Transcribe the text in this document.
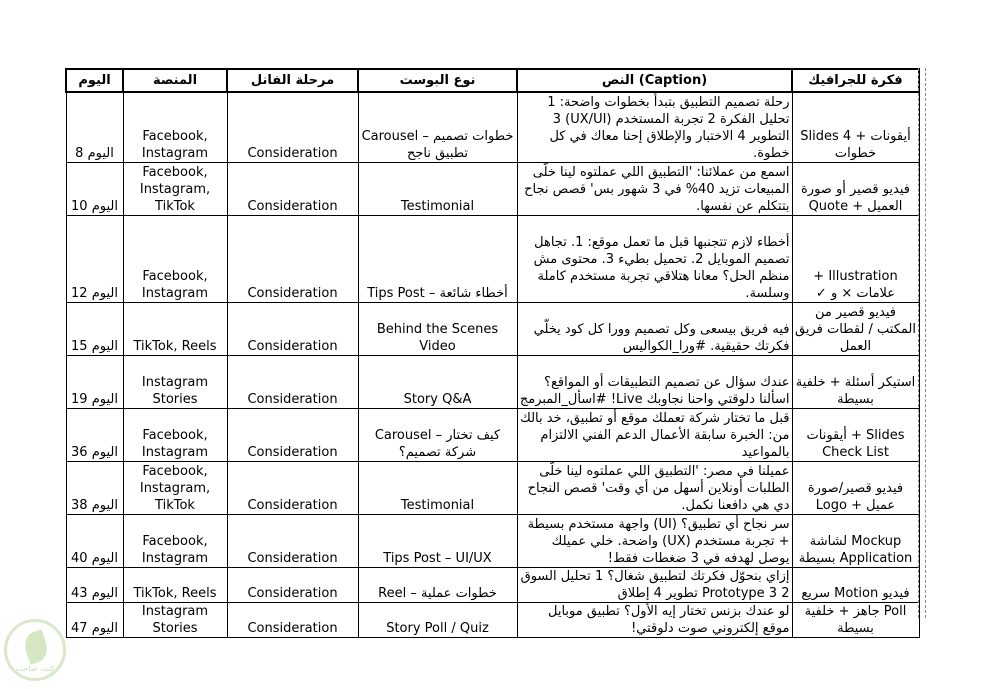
اليوم	المنصة	مرحلة الفانل	نوع البوست	النص (Caption)	فكرة للجرافيك
اليوم 8	Facebook, Instagram	Consideration	Carousel – خطوات تصميم تطبيق ناجح	رحلة تصميم التطبيق بتبدأ بخطوات واضحة: 1 تحليل الفكرة 2 تجربة المستخدم (UX/UI) 3 التطوير 4 الاختبار والإطلاق إحنا معاك في كل خطوة.	أيقونات + 4 Slides خطوات
اليوم 10	Facebook, Instagram, TikTok	Consideration	Testimonial	اسمع من عملائنا: 'التطبيق اللي عملتوه لينا خلّى المبيعات تزيد 40% في 3 شهور بس' قصص نجاح بتتكلم عن نفسها.	فيديو قصير أو صورة العميل + Quote
اليوم 12	Facebook, Instagram	Consideration	Tips Post – أخطاء شائعة	أخطاء لازم تتجنبها قبل ما تعمل موقع: 1. تجاهل تصميم الموبايل 2. تحميل بطيء 3. محتوى مش منظم الحل؟ معانا هتلاقي تجربة مستخدم كاملة وسلسة.	Illustration + علامات × و ✓
اليوم 15	TikTok, Reels	Consideration	Behind the Scenes Video	فيه فريق بيسعى وكل تصميم وورا كل كود يخلّي فكرتك حقيقية. #ورا_الكواليس	فيديو قصير من المكتب / لقطات فريق العمل
اليوم 19	Instagram Stories	Consideration	Story Q&A	عندك سؤال عن تصميم التطبيقات أو المواقع؟ اسألنا دلوقتي واحنا نجاوبك Live! #اسأل_المبرمج	استيكر أسئلة + خلفية بسيطة
اليوم 36	Facebook, Instagram	Consideration	Carousel – كيف تختار شركة تصميم؟	قبل ما تختار شركة تعملك موقع أو تطبيق، خد بالك من: الخبرة سابقة الأعمال الدعم الفني الالتزام بالمواعيد	Slides + أيقونات Check List
اليوم 38	Facebook, Instagram, TikTok	Consideration	Testimonial	عميلنا في مصر: 'التطبيق اللي عملتوه لينا خلّى الطلبات أونلاين أسهل من أي وقت' قصص النجاح دي هي دافعنا نكمل.	فيديو قصير/صورة عميل + Logo
اليوم 40	Facebook, Instagram	Consideration	Tips Post – UI/UX	سر نجاح أي تطبيق؟ (UI) واجهة مستخدم بسيطة + تجربة مستخدم (UX) واضحة. خلي عميلك يوصل لهدفه في 3 ضغطات فقط!	Mockup لشاشة Application بسيطة
اليوم 43	TikTok, Reels	Consideration	Reel – خطوات عملية	إزاي بنحوّل فكرتك لتطبيق شغال؟ 1 تحليل السوق 2 Prototype 3 تطوير 4 إطلاق	فيديو Motion سريع
اليوم 47	Instagram Stories	Consideration	Story Poll / Quiz	لو عندك بزنس تختار إيه الأول؟ تطبيق موبايل موقع إلكتروني صوت دلوقتي!	Poll جاهز + خلفية بسيطة
كنت صاحب
